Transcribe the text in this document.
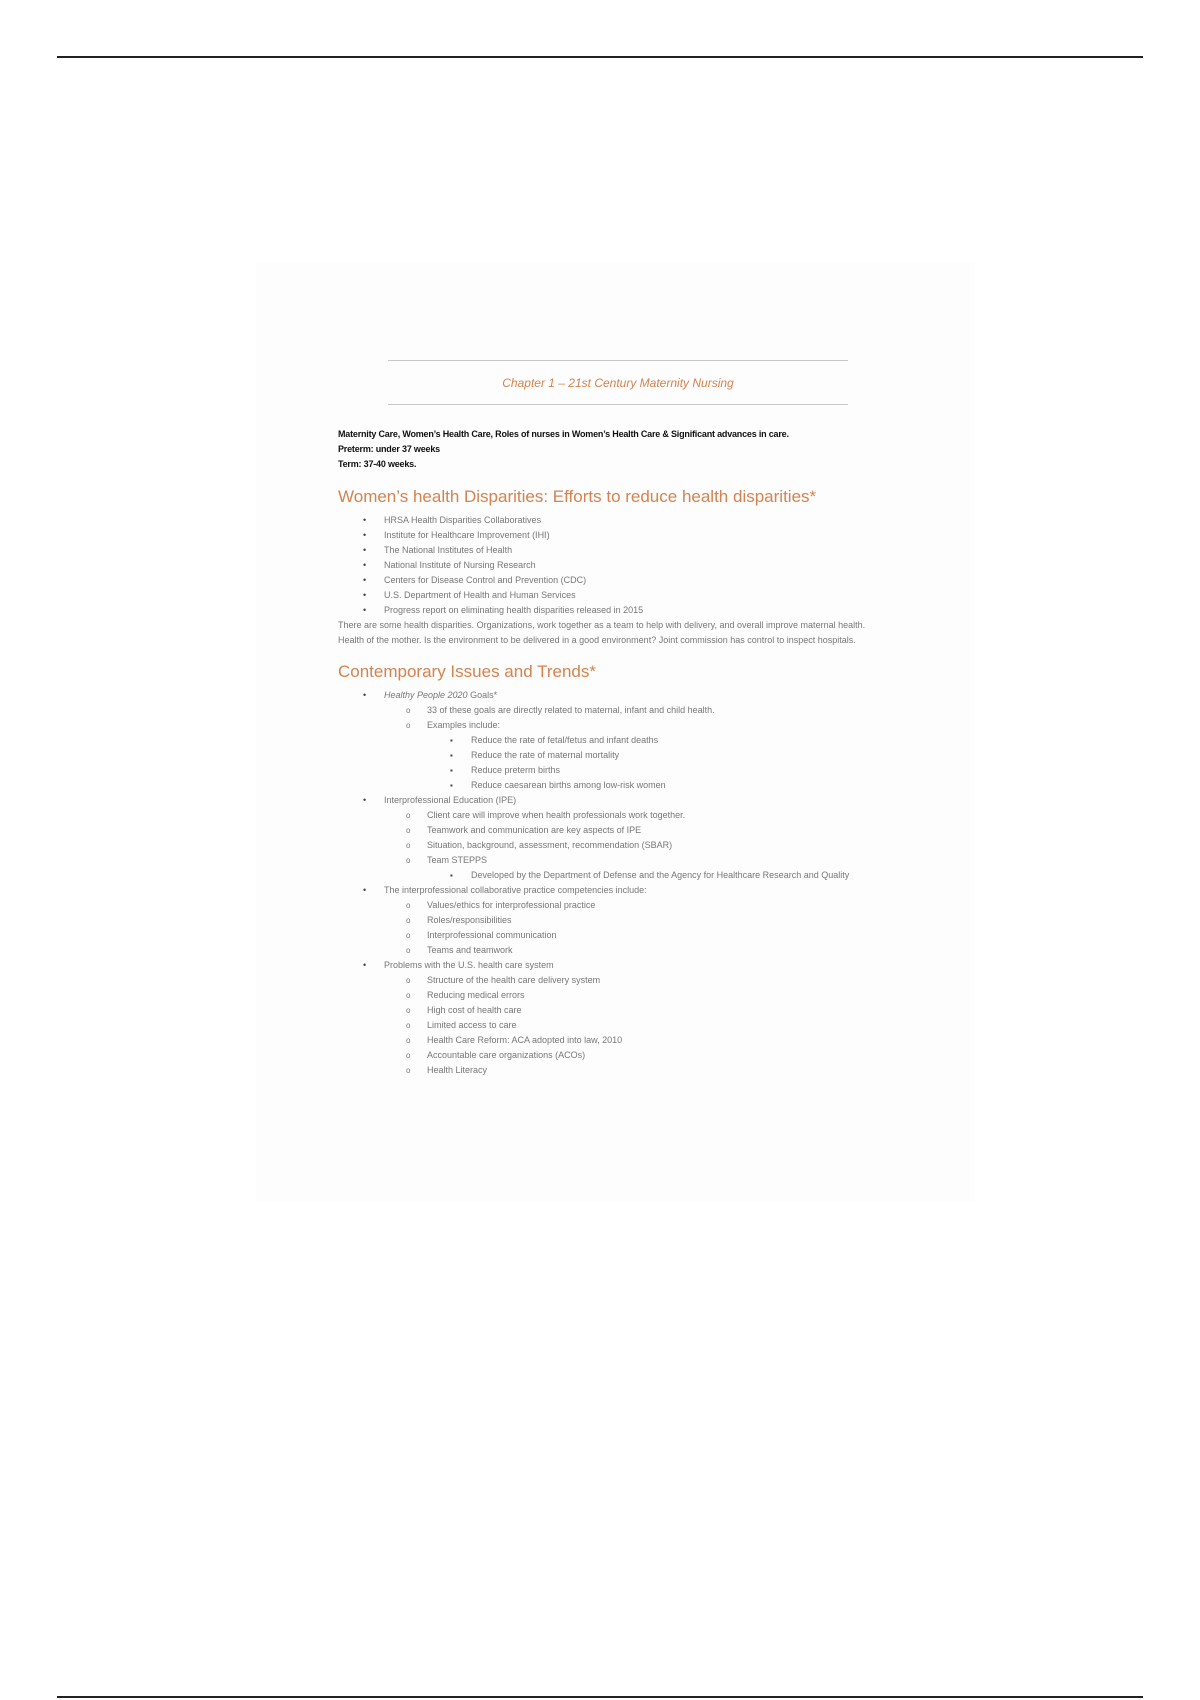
Chapter 1 – 21st Century Maternity Nursing
Maternity Care, Women’s Health Care, Roles of nurses in Women’s Health Care & Significant advances in care.
Preterm: under 37 weeks
Term: 37-40 weeks.
Women’s health Disparities: Efforts to reduce health disparities*
• HRSA Health Disparities Collaboratives
• Institute for Healthcare Improvement (IHI)
• The National Institutes of Health
• National Institute of Nursing Research
• Centers for Disease Control and Prevention (CDC)
• U.S. Department of Health and Human Services
• Progress report on eliminating health disparities released in 2015

There are some health disparities. Organizations, work together as a team to help with delivery, and overall improve maternal health. Health of the mother. Is the environment to be delivered in a good environment? Joint commission has control to inspect hospitals.

Contemporary Issues and Trends*
• Healthy People 2020 Goals*
o 33 of these goals are directly related to maternal, infant and child health.
o Examples include:
▪ Reduce the rate of fetal/fetus and infant deaths
▪ Reduce the rate of maternal mortality
▪ Reduce preterm births
▪ Reduce caesarean births among low-risk women
• Interprofessional Education (IPE)
o Client care will improve when health professionals work together.
o Teamwork and communication are key aspects of IPE
o Situation, background, assessment, recommendation (SBAR)
o Team STEPPS
▪ Developed by the Department of Defense and the Agency for Healthcare Research and Quality
• The interprofessional collaborative practice competencies include:
o Values/ethics for interprofessional practice
o Roles/responsibilities
o Interprofessional communication
o Teams and teamwork
• Problems with the U.S. health care system
o Structure of the health care delivery system
o Reducing medical errors
o High cost of health care
o Limited access to care
o Health Care Reform: ACA adopted into law, 2010
o Accountable care organizations (ACOs)
o Health Literacy
